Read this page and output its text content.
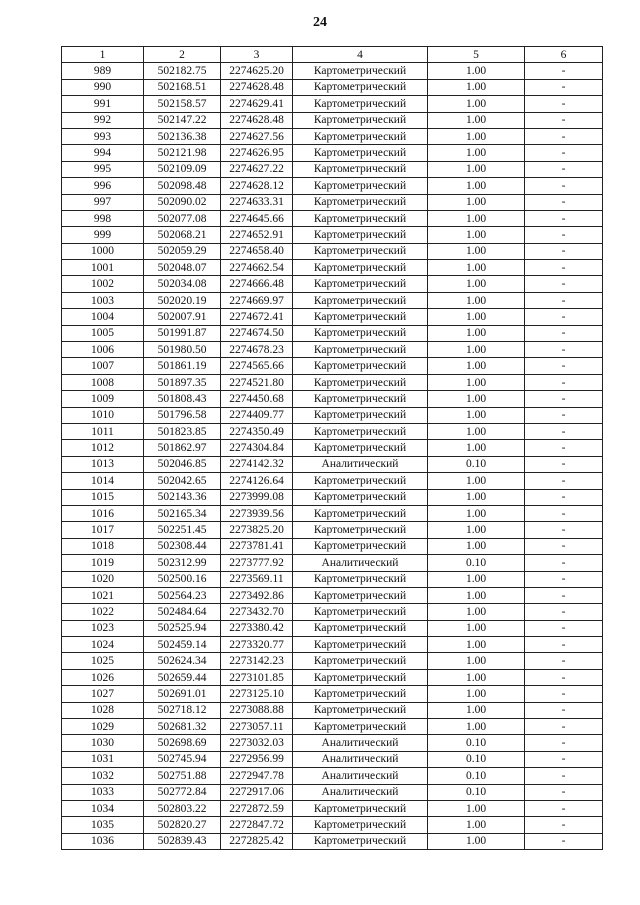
24
1	2	3	4	5	6
989	502182.75	2274625.20	Картометрический	1.00	-
990	502168.51	2274628.48	Картометрический	1.00	-
991	502158.57	2274629.41	Картометрический	1.00	-
992	502147.22	2274628.48	Картометрический	1.00	-
993	502136.38	2274627.56	Картометрический	1.00	-
994	502121.98	2274626.95	Картометрический	1.00	-
995	502109.09	2274627.22	Картометрический	1.00	-
996	502098.48	2274628.12	Картометрический	1.00	-
997	502090.02	2274633.31	Картометрический	1.00	-
998	502077.08	2274645.66	Картометрический	1.00	-
999	502068.21	2274652.91	Картометрический	1.00	-
1000	502059.29	2274658.40	Картометрический	1.00	-
1001	502048.07	2274662.54	Картометрический	1.00	-
1002	502034.08	2274666.48	Картометрический	1.00	-
1003	502020.19	2274669.97	Картометрический	1.00	-
1004	502007.91	2274672.41	Картометрический	1.00	-
1005	501991.87	2274674.50	Картометрический	1.00	-
1006	501980.50	2274678.23	Картометрический	1.00	-
1007	501861.19	2274565.66	Картометрический	1.00	-
1008	501897.35	2274521.80	Картометрический	1.00	-
1009	501808.43	2274450.68	Картометрический	1.00	-
1010	501796.58	2274409.77	Картометрический	1.00	-
1011	501823.85	2274350.49	Картометрический	1.00	-
1012	501862.97	2274304.84	Картометрический	1.00	-
1013	502046.85	2274142.32	Аналитический	0.10	-
1014	502042.65	2274126.64	Картометрический	1.00	-
1015	502143.36	2273999.08	Картометрический	1.00	-
1016	502165.34	2273939.56	Картометрический	1.00	-
1017	502251.45	2273825.20	Картометрический	1.00	-
1018	502308.44	2273781.41	Картометрический	1.00	-
1019	502312.99	2273777.92	Аналитический	0.10	-
1020	502500.16	2273569.11	Картометрический	1.00	-
1021	502564.23	2273492.86	Картометрический	1.00	-
1022	502484.64	2273432.70	Картометрический	1.00	-
1023	502525.94	2273380.42	Картометрический	1.00	-
1024	502459.14	2273320.77	Картометрический	1.00	-
1025	502624.34	2273142.23	Картометрический	1.00	-
1026	502659.44	2273101.85	Картометрический	1.00	-
1027	502691.01	2273125.10	Картометрический	1.00	-
1028	502718.12	2273088.88	Картометрический	1.00	-
1029	502681.32	2273057.11	Картометрический	1.00	-
1030	502698.69	2273032.03	Аналитический	0.10	-
1031	502745.94	2272956.99	Аналитический	0.10	-
1032	502751.88	2272947.78	Аналитический	0.10	-
1033	502772.84	2272917.06	Аналитический	0.10	-
1034	502803.22	2272872.59	Картометрический	1.00	-
1035	502820.27	2272847.72	Картометрический	1.00	-
1036	502839.43	2272825.42	Картометрический	1.00	-
